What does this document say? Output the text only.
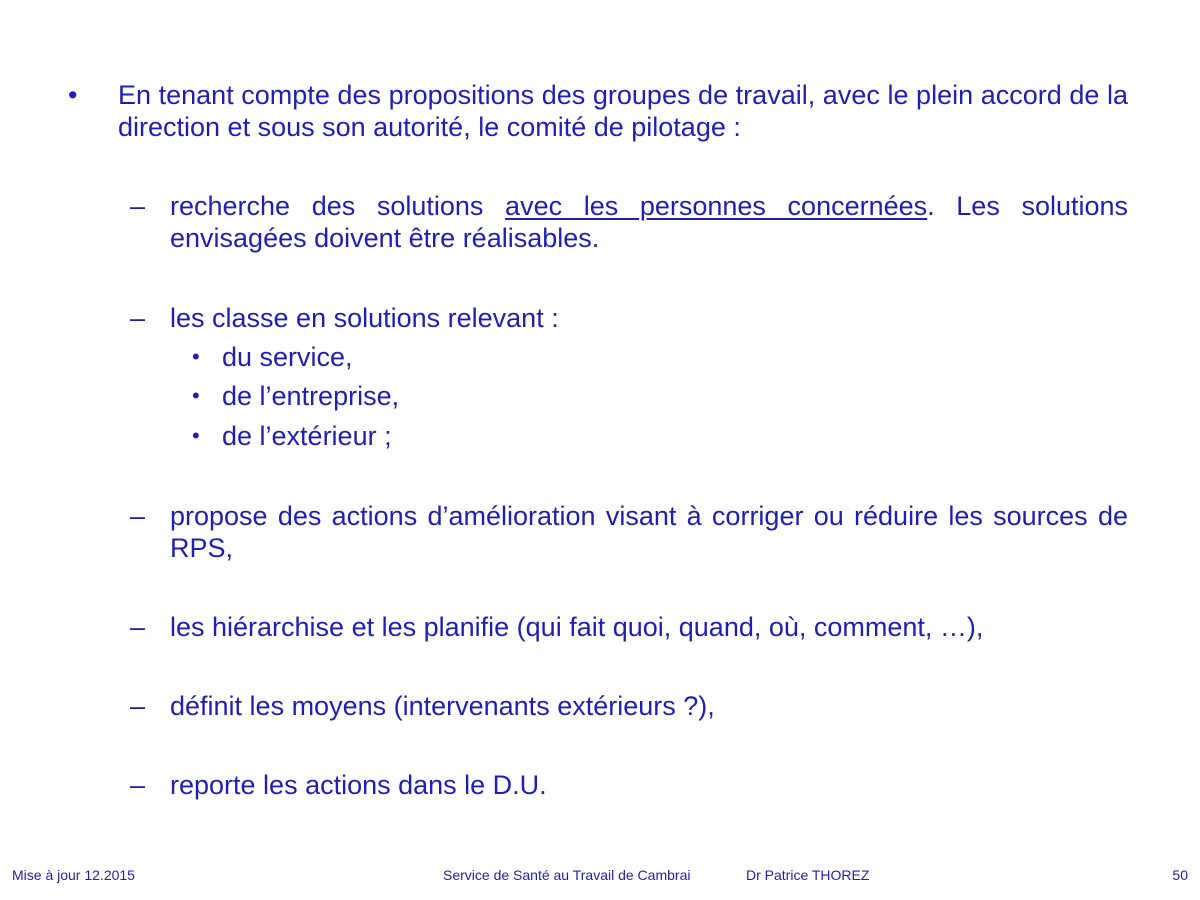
• En tenant compte des propositions des groupes de travail, avec le plein accord de la direction et sous son autorité, le comité de pilotage :
– recherche des solutions avec les personnes concernées. Les solutions envisagées doivent être réalisables.
– les classe en solutions relevant :
• du service,
• de l’entreprise,
• de l’extérieur ;
– propose des actions d’amélioration visant à corriger ou réduire les sources de RPS,
– les hiérarchise et les planifie (qui fait quoi, quand, où, comment, …),
– définit les moyens (intervenants extérieurs ?),
– reporte les actions dans le D.U.
Mise à jour 12.2015	Service de Santé au Travail de Cambrai	Dr Patrice THOREZ	50
